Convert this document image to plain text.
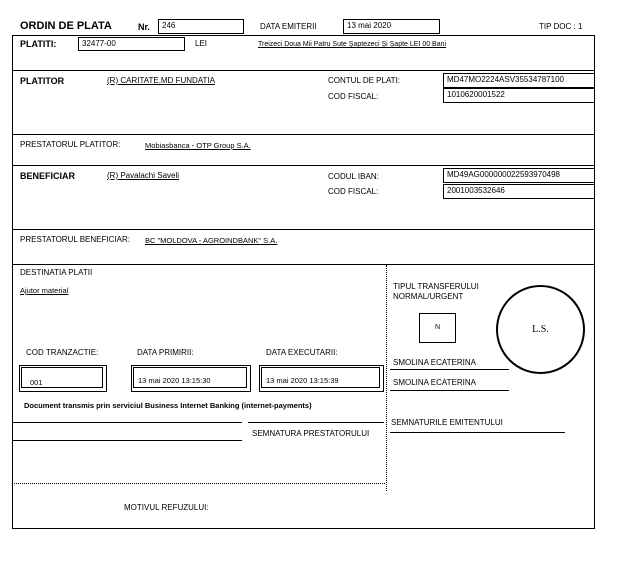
ORDIN DE PLATA	Nr.	246	DATA EMITERII	13 mai 2020	TIP DOC : 1
PLATITI:	32477-00	LEI	Treizeci Doua Mii Patru Sute Şaptezeci Şi Şapte LEI 00 Bani
PLATITOR	(R) CARITATE.MD FUNDATIA	CONTUL DE PLATI:	MD47MO2224ASV35534787100
COD FISCAL:	1010620001522
PRESTATORUL PLATITOR:	Mobiasbanca - OTP Group S.A.
BENEFICIAR	(R) Pavalachi Saveli	CODUL IBAN:	MD49AG000000022593970498
COD FISCAL:	2001003532646
PRESTATORUL BENEFICIAR: BC "MOLDOVA - AGROINDBANK" S.A.
DESTINATIA PLATII
Ajutor material	TIPUL TRANSFERULUI
NORMAL/URGENT
N	L.S.
SMOLINA ECATERINA
SMOLINA ECATERINA
COD TRANZACTIE:	DATA PRIMIRII:	DATA EXECUTARII:
001	13 mai 2020 13:15:30	13 mai 2020 13:15:39
Document transmis prin serviciul Business Internet Banking (internet-payments)
SEMNATURA PRESTATORULUI
SEMNATURILE EMITENTULUI
MOTIVUL REFUZULUI:
